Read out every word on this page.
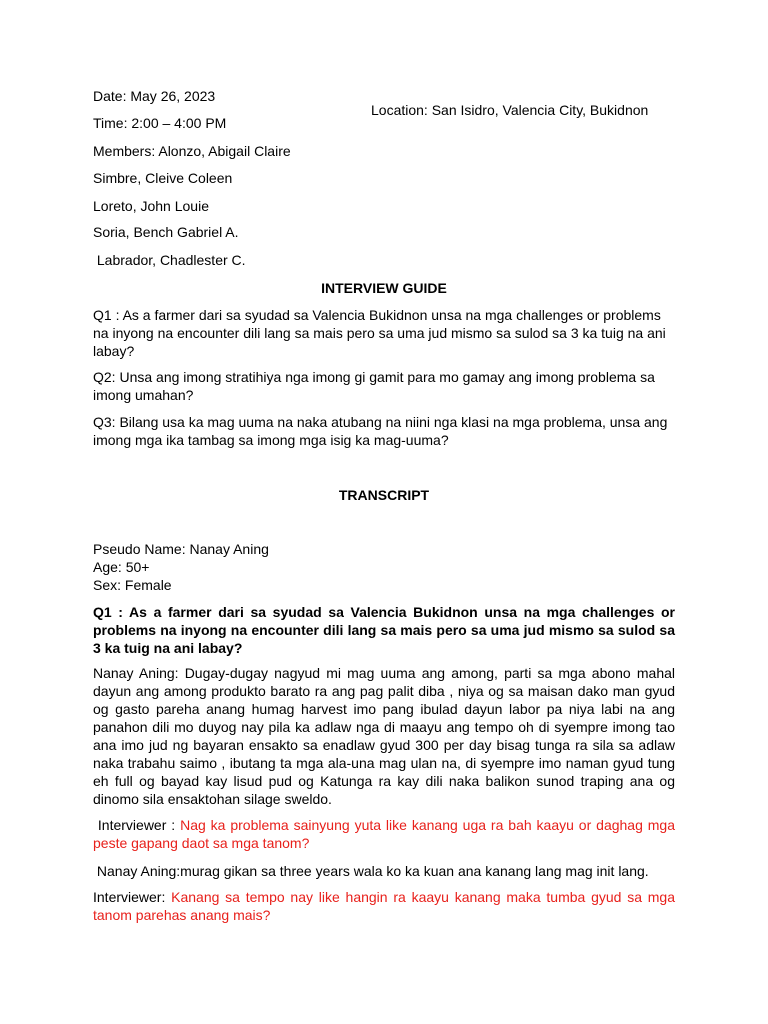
Date: May 26, 2023

Location: San Isidro, Valencia City, Bukidnon

Time: 2:00 – 4:00 PM

Members: Alonzo, Abigail Claire

Simbre, Cleive Coleen

Loreto, John Louie

Soria, Bench Gabriel A.

Labrador, Chadlester C.

INTERVIEW GUIDE

Q1 : As a farmer dari sa syudad sa Valencia Bukidnon unsa na mga challenges or problems na inyong na encounter dili lang sa mais pero sa uma jud mismo sa sulod sa 3 ka tuig na ani labay?

Q2: Unsa ang imong stratihiya nga imong gi gamit para mo gamay ang imong problema sa imong umahan?

Q3: Bilang usa ka mag uuma na naka atubang na niini nga klasi na mga problema, unsa ang imong mga ika tambag sa imong mga isig ka mag-uuma?

TRANSCRIPT

Pseudo Name: Nanay Aning

Age: 50+

Sex: Female

Q1 : As a farmer dari sa syudad sa Valencia Bukidnon unsa na mga challenges or problems na inyong na encounter dili lang sa mais pero sa uma jud mismo sa sulod sa 3 ka tuig na ani labay?

Nanay Aning: Dugay-dugay nagyud mi mag uuma ang among, parti sa mga abono mahal dayun ang among produkto barato ra ang pag palit diba , niya og sa maisan dako man gyud og gasto pareha anang humag harvest imo pang ibulad dayun labor pa niya labi na ang panahon dili mo duyog nay pila ka adlaw nga di maayu ang tempo oh di syempre imong tao ana imo jud ng bayaran ensakto sa enadlaw gyud 300 per day bisag tunga ra sila sa adlaw naka trabahu saimo , ibutang ta mga ala-una mag ulan na, di syempre imo naman gyud tung eh full og bayad kay lisud pud og Katunga ra kay dili naka balikon sunod traping ana og dinomo sila ensaktohan silage sweldo.

Interviewer : Nag ka problema sainyung yuta like kanang uga ra bah kaayu or daghag mga peste gapang daot sa mga tanom?

Nanay Aning:murag gikan sa three years wala ko ka kuan ana kanang lang mag init lang.

Interviewer: Kanang sa tempo nay like hangin ra kaayu kanang maka tumba gyud sa mga tanom parehas anang mais?
